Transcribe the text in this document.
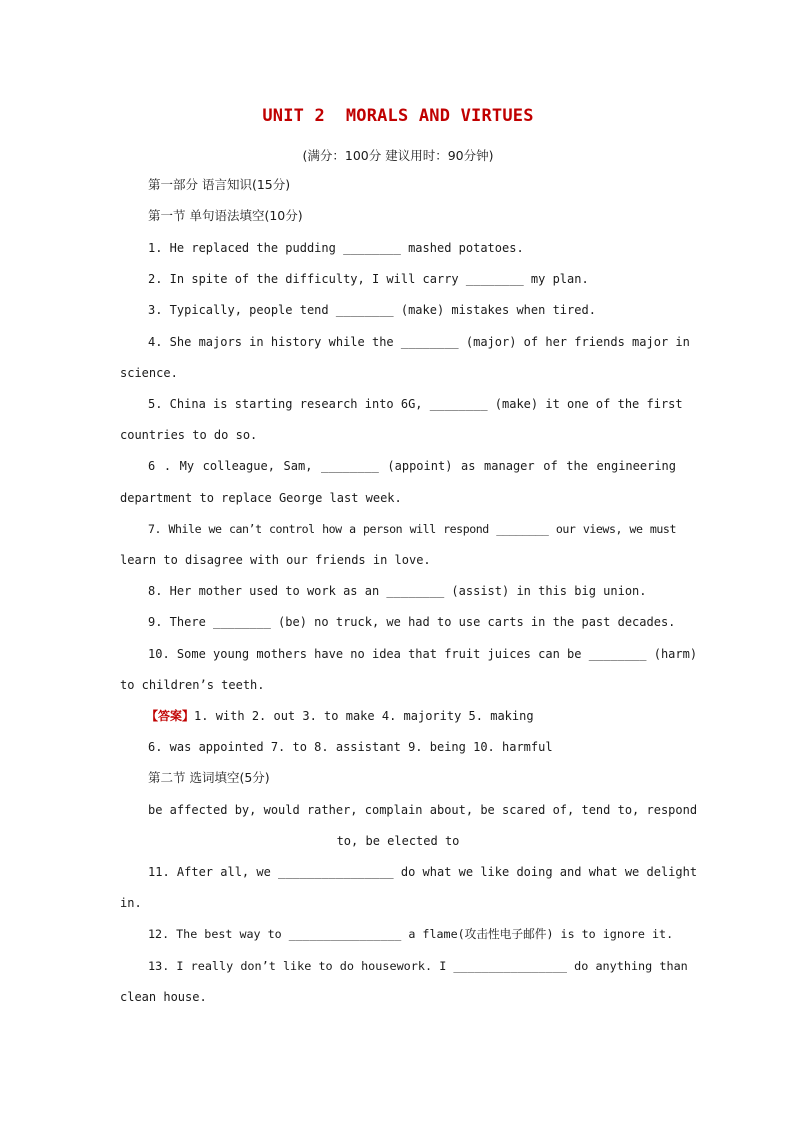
UNIT 2  MORALS AND VIRTUES
(满分：100分 建议用时：90分钟)
第一部分 语言知识(15分)
第一节 单句语法填空(10分)
1. He replaced the pudding ________ mashed potatoes.
2. In spite of the difficulty, I will carry ________ my plan.
3. Typically, people tend ________ (make) mistakes when tired.
4. She majors in history while the ________ (major) of her friends major in
science.
5. China is starting research into 6G, ________ (make) it one of the first
countries to do so.
6 . My colleague, Sam, ________ (appoint) as manager of the engineering
department to replace George last week.
7. While we can’t control how a person will respond ________ our views, we must
learn to disagree with our friends in love.
8. Her mother used to work as an ________ (assist) in this big union.
9. There ________ (be) no truck, we had to use carts in the past decades.
10. Some young mothers have no idea that fruit juices can be ________ (harm)
to children’s teeth.
【答案】1. with 2. out 3. to make 4. majority 5. making
6. was appointed 7. to 8. assistant 9. being 10. harmful
第二节 选词填空(5分)
be affected by, would rather, complain about, be scared of, tend to, respond
to, be elected to
11. After all, we ________________ do what we like doing and what we delight
in.
12. The best way to ________________ a flame(攻击性电子邮件) is to ignore it.
13. I really don’t like to do housework. I ________________ do anything than
clean house.
